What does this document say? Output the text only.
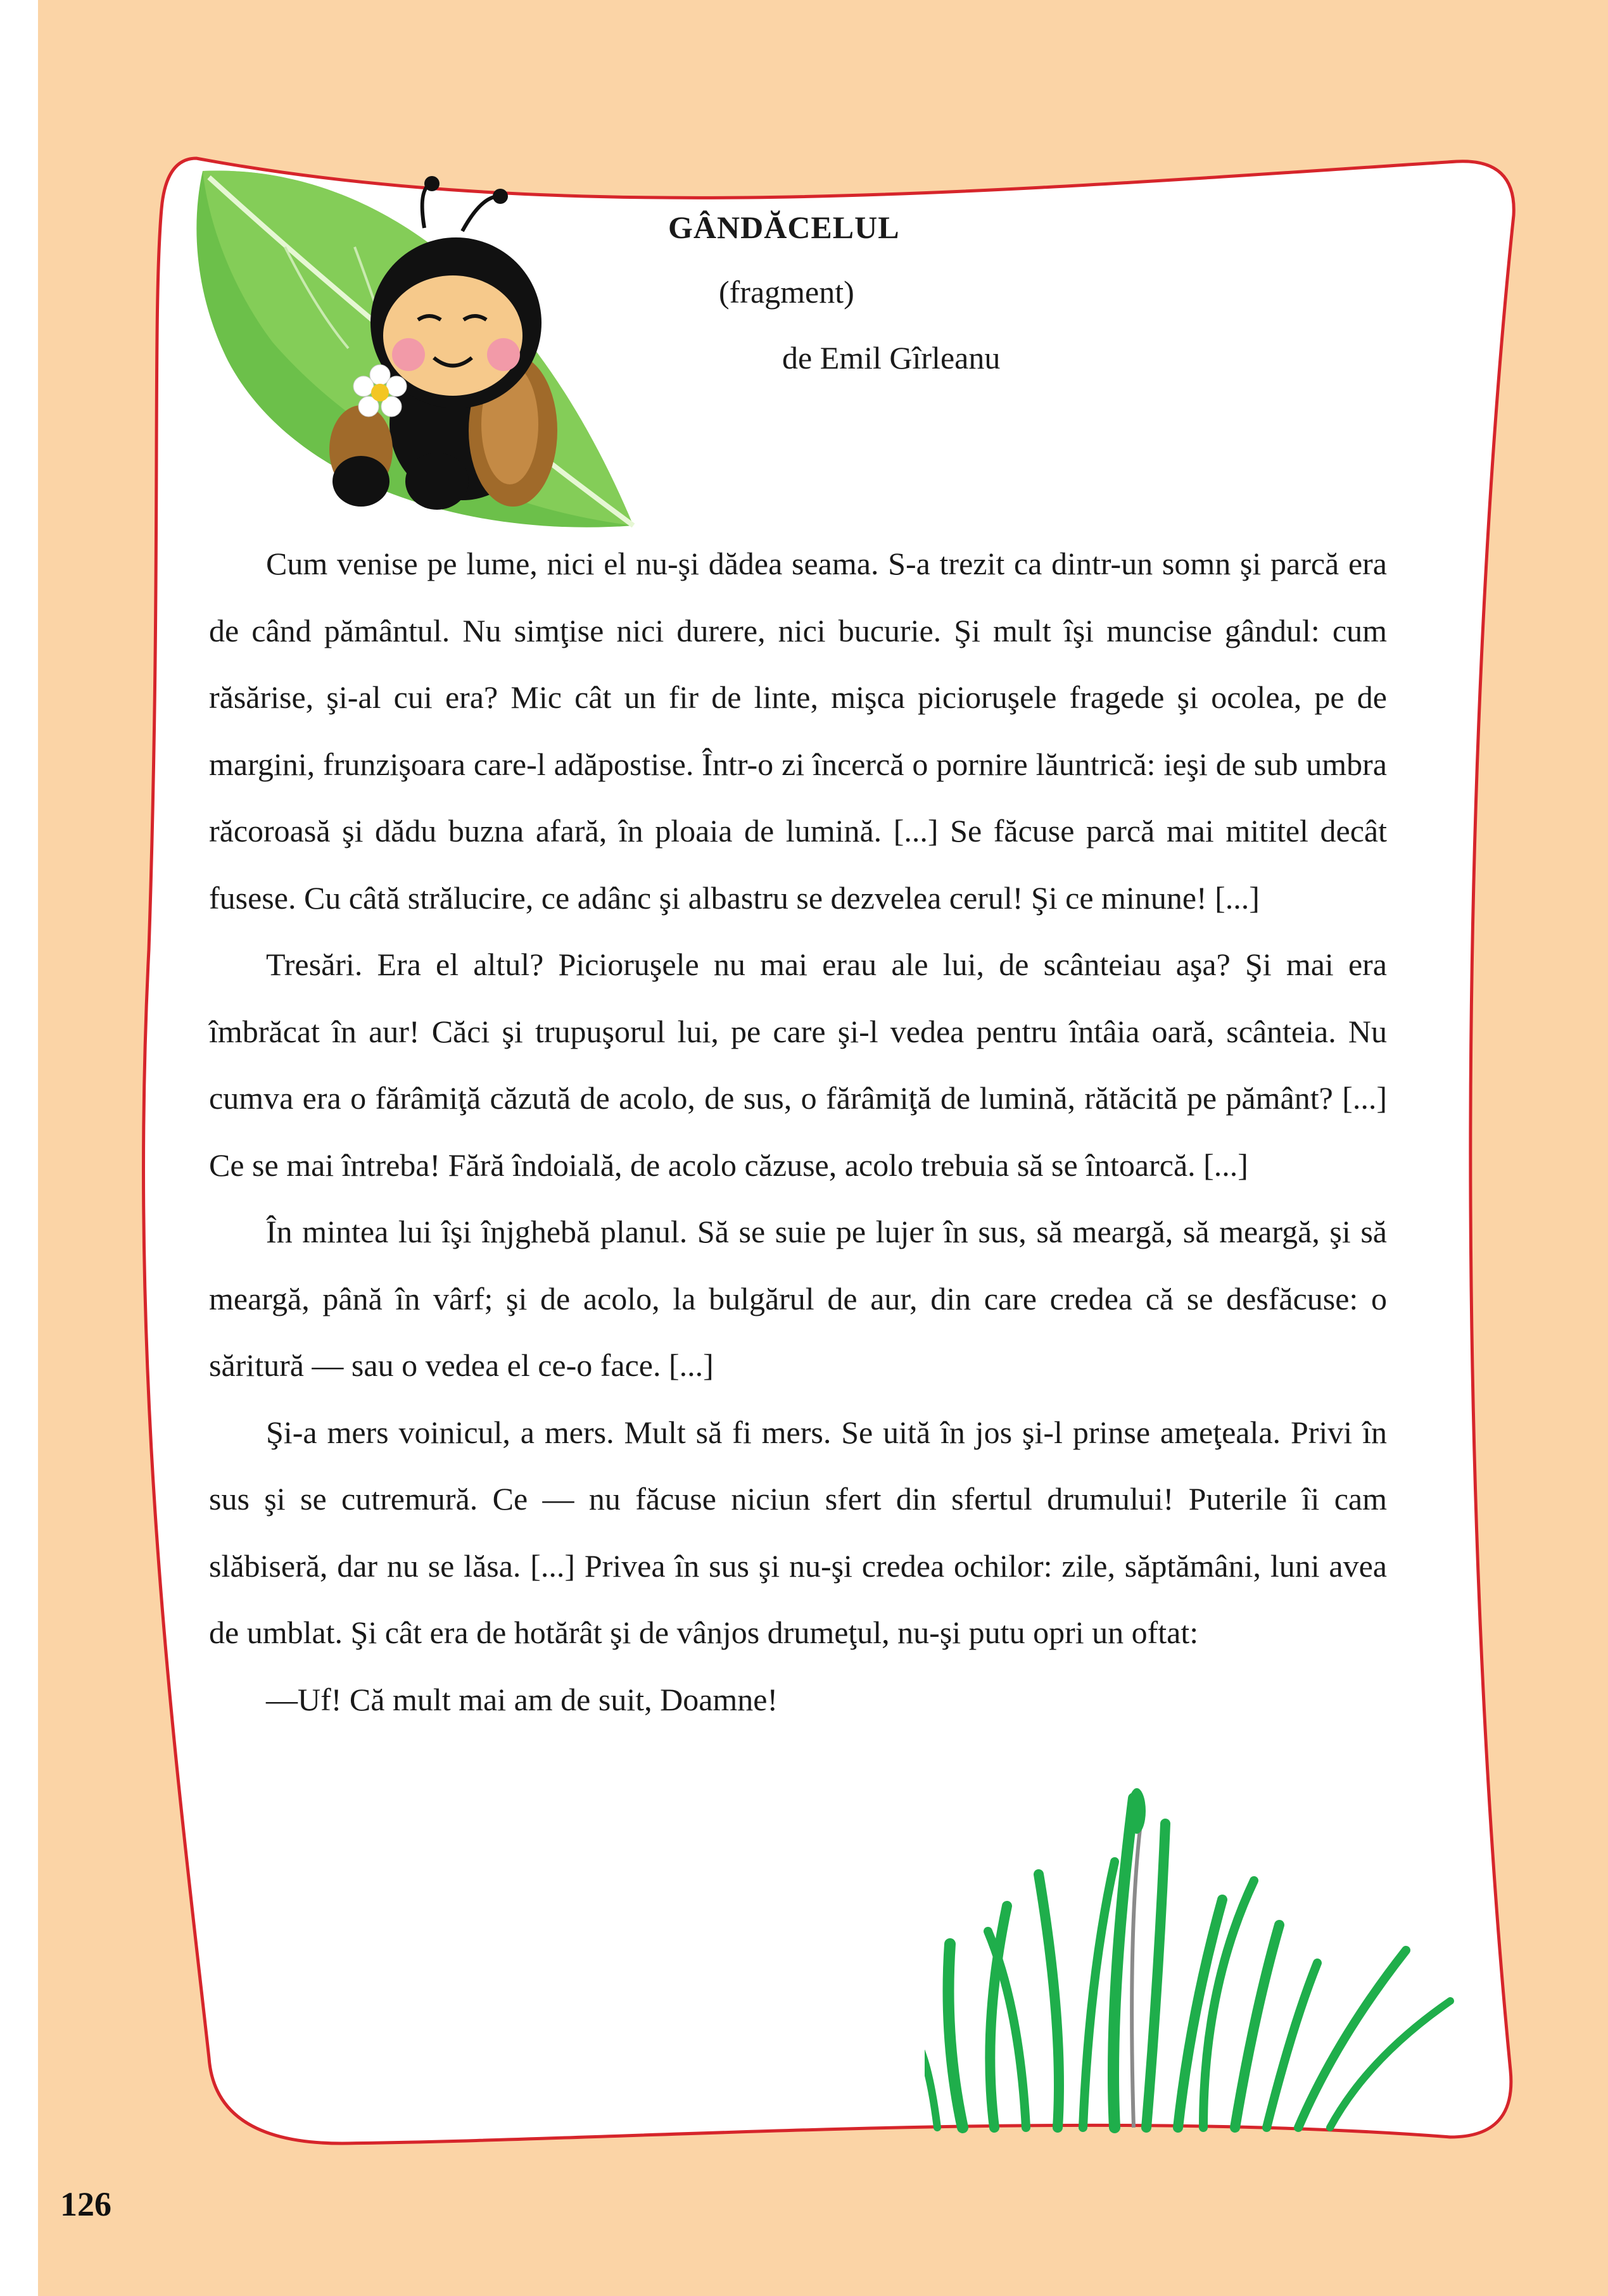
GÂNDĂCELUL
(fragment)
de Emil Gîrleanu

Cum venise pe lume, nici el nu-şi dădea seama. S-a trezit ca dintr-un somn şi parcă era de când pământul. Nu simţise nici durere, nici bucurie. Şi mult îşi muncise gândul: cum răsărise, şi-al cui era? Mic cât un fir de linte, mişca picioruşele fragede şi ocolea, pe de margini, frunzişoara care-l adăpostise. Într-o zi încercă o pornire lăuntrică: ieşi de sub umbra răcoroasă şi dădu buzna afară, în ploaia de lumină. [...] Se făcuse parcă mai mititel decât fusese. Cu câtă strălucire, ce adânc şi albastru se dezvelea cerul! Şi ce minune! [...]

Tresări. Era el altul? Picioruşele nu mai erau ale lui, de scânteiau aşa? Şi mai era îmbrăcat în aur! Căci şi trupuşorul lui, pe care şi-l vedea pentru întâia oară, scânteia. Nu cumva era o fărâmiţă căzută de acolo, de sus, o fărâmiţă de lumină, rătăcită pe pământ? [...] Ce se mai întreba! Fără îndoială, de acolo căzuse, acolo trebuia să se întoarcă. [...]

În mintea lui îşi înjghebă planul. Să se suie pe lujer în sus, să meargă, să meargă, şi să meargă, până în vârf; şi de acolo, la bulgărul de aur, din care credea că se desfăcuse: o săritură — sau o vedea el ce-o face. [...]

Şi-a mers voinicul, a mers. Mult să fi mers. Se uită în jos şi-l prinse ameţeala. Privi în sus şi se cutremură. Ce — nu făcuse niciun sfert din sfertul drumului! Puterile îi cam slăbiseră, dar nu se lăsa. [...] Privea în sus şi nu-şi credea ochilor: zile, săptămâni, luni avea de umblat. Şi cât era de hotărât şi de vânjos drumeţul, nu-şi putu opri un oftat:

—Uf! Că mult mai am de suit, Doamne!

126
